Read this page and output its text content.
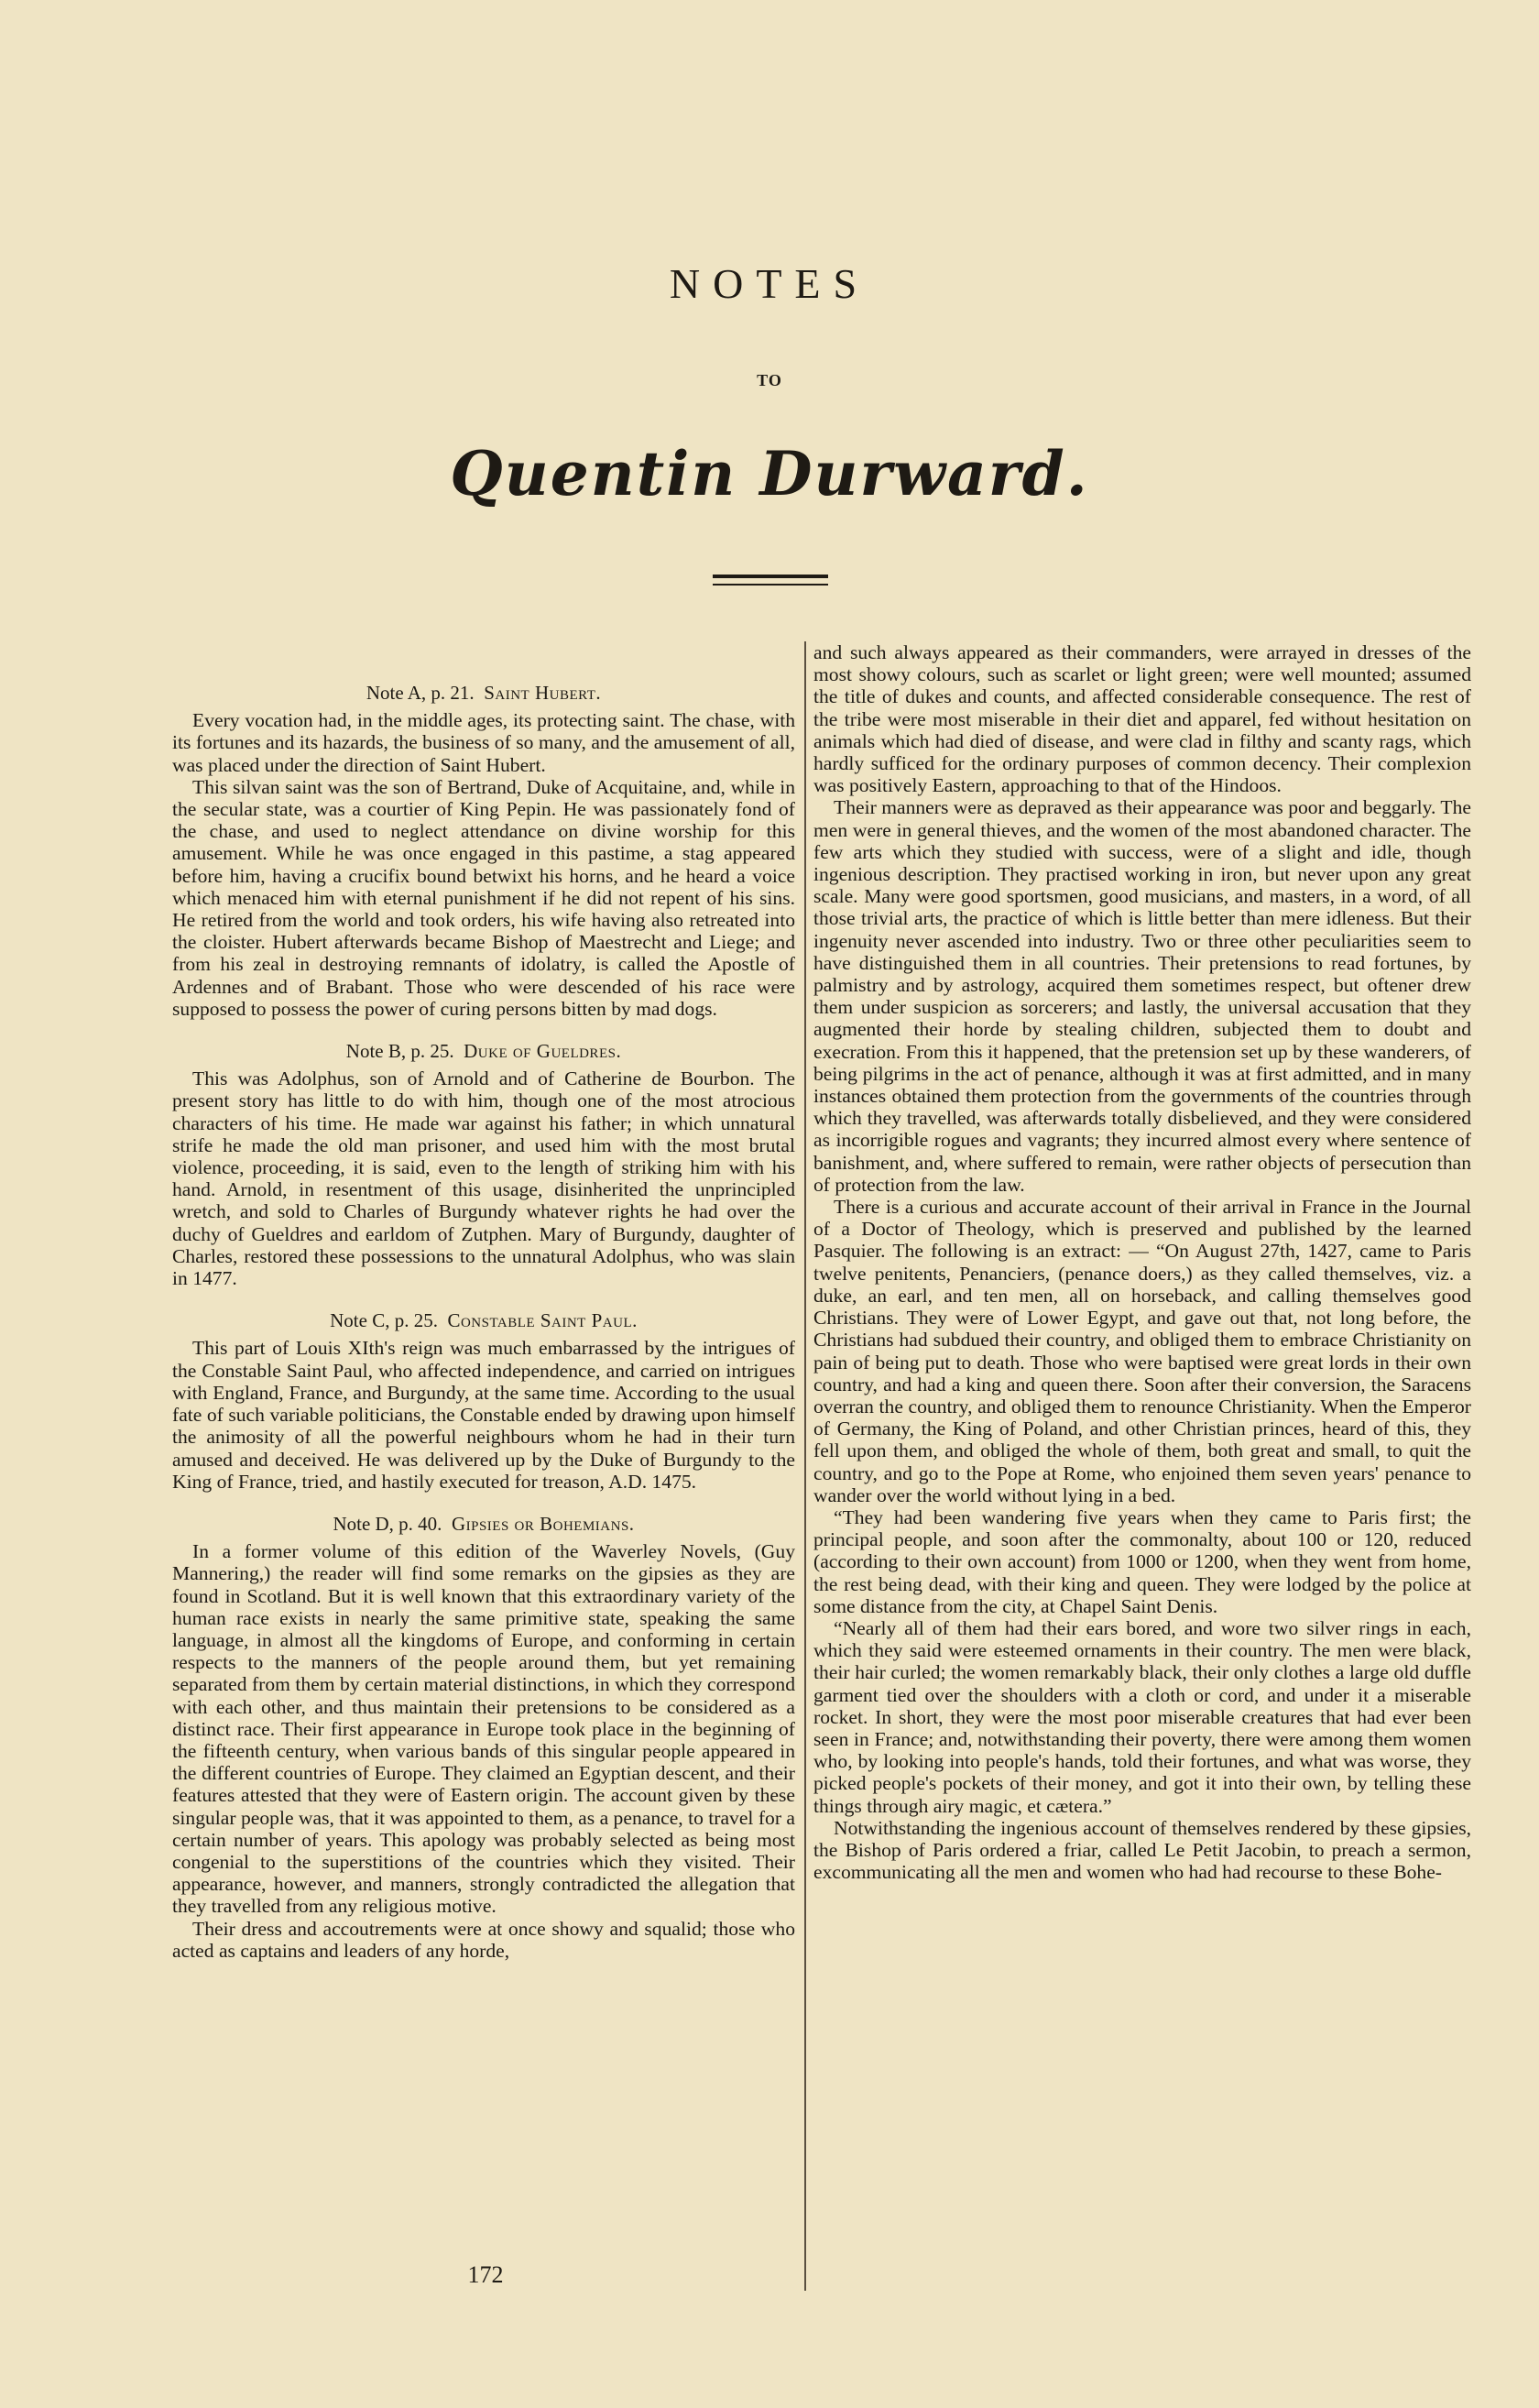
NOTES
TO
Quentin Durward.
Note A, p. 21. Saint Hubert.

Every vocation had, in the middle ages, its protecting saint. The chase, with its fortunes and its hazards, the business of so many, and the amusement of all, was placed under the direction of Saint Hubert.

This silvan saint was the son of Bertrand, Duke of Acquitaine, and, while in the secular state, was a courtier of King Pepin. He was passionately fond of the chase, and used to neglect attendance on divine worship for this amusement. While he was once engaged in this pastime, a stag appeared before him, having a crucifix bound betwixt his horns, and he heard a voice which menaced him with eternal punishment if he did not repent of his sins. He retired from the world and took orders, his wife having also retreated into the cloister. Hubert afterwards became Bishop of Maestrecht and Liege; and from his zeal in destroying remnants of idolatry, is called the Apostle of Ardennes and of Brabant. Those who were descended of his race were supposed to possess the power of curing persons bitten by mad dogs.

Note B, p. 25. Duke of Gueldres.

This was Adolphus, son of Arnold and of Catherine de Bourbon. The present story has little to do with him, though one of the most atrocious characters of his time. He made war against his father; in which unnatural strife he made the old man prisoner, and used him with the most brutal violence, proceeding, it is said, even to the length of striking him with his hand. Arnold, in resentment of this usage, disinherited the unprincipled wretch, and sold to Charles of Burgundy whatever rights he had over the duchy of Gueldres and earldom of Zutphen. Mary of Burgundy, daughter of Charles, restored these possessions to the unnatural Adolphus, who was slain in 1477.

Note C, p. 25. Constable Saint Paul.

This part of Louis XIth's reign was much embarrassed by the intrigues of the Constable Saint Paul, who affected independence, and carried on intrigues with England, France, and Burgundy, at the same time. According to the usual fate of such variable politicians, the Constable ended by drawing upon himself the animosity of all the powerful neighbours whom he had in their turn amused and deceived. He was delivered up by the Duke of Burgundy to the King of France, tried, and hastily executed for treason, A.D. 1475.

Note D, p. 40. Gipsies or Bohemians.

In a former volume of this edition of the Waverley Novels, (Guy Mannering,) the reader will find some remarks on the gipsies as they are found in Scotland. But it is well known that this extraordinary variety of the human race exists in nearly the same primitive state, speaking the same language, in almost all the kingdoms of Europe, and conforming in certain respects to the manners of the people around them, but yet remaining separated from them by certain material distinctions, in which they correspond with each other, and thus maintain their pretensions to be considered as a distinct race. Their first appearance in Europe took place in the beginning of the fifteenth century, when various bands of this singular people appeared in the different countries of Europe. They claimed an Egyptian descent, and their features attested that they were of Eastern origin. The account given by these singular people was, that it was appointed to them, as a penance, to travel for a certain number of years. This apology was probably selected as being most congenial to the superstitions of the countries which they visited. Their appearance, however, and manners, strongly contradicted the allegation that they travelled from any religious motive.

Their dress and accoutrements were at once showy and squalid; those who acted as captains and leaders of any horde,

and such always appeared as their commanders, were arrayed in dresses of the most showy colours, such as scarlet or light green; were well mounted; assumed the title of dukes and counts, and affected considerable consequence. The rest of the tribe were most miserable in their diet and apparel, fed without hesitation on animals which had died of disease, and were clad in filthy and scanty rags, which hardly sufficed for the ordinary purposes of common decency. Their complexion was positively Eastern, approaching to that of the Hindoos.

Their manners were as depraved as their appearance was poor and beggarly. The men were in general thieves, and the women of the most abandoned character. The few arts which they studied with success, were of a slight and idle, though ingenious description. They practised working in iron, but never upon any great scale. Many were good sportsmen, good musicians, and masters, in a word, of all those trivial arts, the practice of which is little better than mere idleness. But their ingenuity never ascended into industry. Two or three other peculiarities seem to have distinguished them in all countries. Their pretensions to read fortunes, by palmistry and by astrology, acquired them sometimes respect, but oftener drew them under suspicion as sorcerers; and lastly, the universal accusation that they augmented their horde by stealing children, subjected them to doubt and execration. From this it happened, that the pretension set up by these wanderers, of being pilgrims in the act of penance, although it was at first admitted, and in many instances obtained them protection from the governments of the countries through which they travelled, was afterwards totally disbelieved, and they were considered as incorrigible rogues and vagrants; they incurred almost every where sentence of banishment, and, where suffered to remain, were rather objects of persecution than of protection from the law.

There is a curious and accurate account of their arrival in France in the Journal of a Doctor of Theology, which is preserved and published by the learned Pasquier. The following is an extract: — “On August 27th, 1427, came to Paris twelve penitents, Penanciers, (penance doers,) as they called themselves, viz. a duke, an earl, and ten men, all on horseback, and calling themselves good Christians. They were of Lower Egypt, and gave out that, not long before, the Christians had subdued their country, and obliged them to embrace Christianity on pain of being put to death. Those who were baptised were great lords in their own country, and had a king and queen there. Soon after their conversion, the Saracens overran the country, and obliged them to renounce Christianity. When the Emperor of Germany, the King of Poland, and other Christian princes, heard of this, they fell upon them, and obliged the whole of them, both great and small, to quit the country, and go to the Pope at Rome, who enjoined them seven years' penance to wander over the world without lying in a bed.

“They had been wandering five years when they came to Paris first; the principal people, and soon after the commonalty, about 100 or 120, reduced (according to their own account) from 1000 or 1200, when they went from home, the rest being dead, with their king and queen. They were lodged by the police at some distance from the city, at Chapel Saint Denis.

“Nearly all of them had their ears bored, and wore two silver rings in each, which they said were esteemed ornaments in their country. The men were black, their hair curled; the women remarkably black, their only clothes a large old duffle garment tied over the shoulders with a cloth or cord, and under it a miserable rocket. In short, they were the most poor miserable creatures that had ever been seen in France; and, notwithstanding their poverty, there were among them women who, by looking into people's hands, told their fortunes, and what was worse, they picked people's pockets of their money, and got it into their own, by telling these things through airy magic, et cætera.”

Notwithstanding the ingenious account of themselves rendered by these gipsies, the Bishop of Paris ordered a friar, called Le Petit Jacobin, to preach a sermon, excommunicating all the men and women who had had recourse to these Bohe-

172
